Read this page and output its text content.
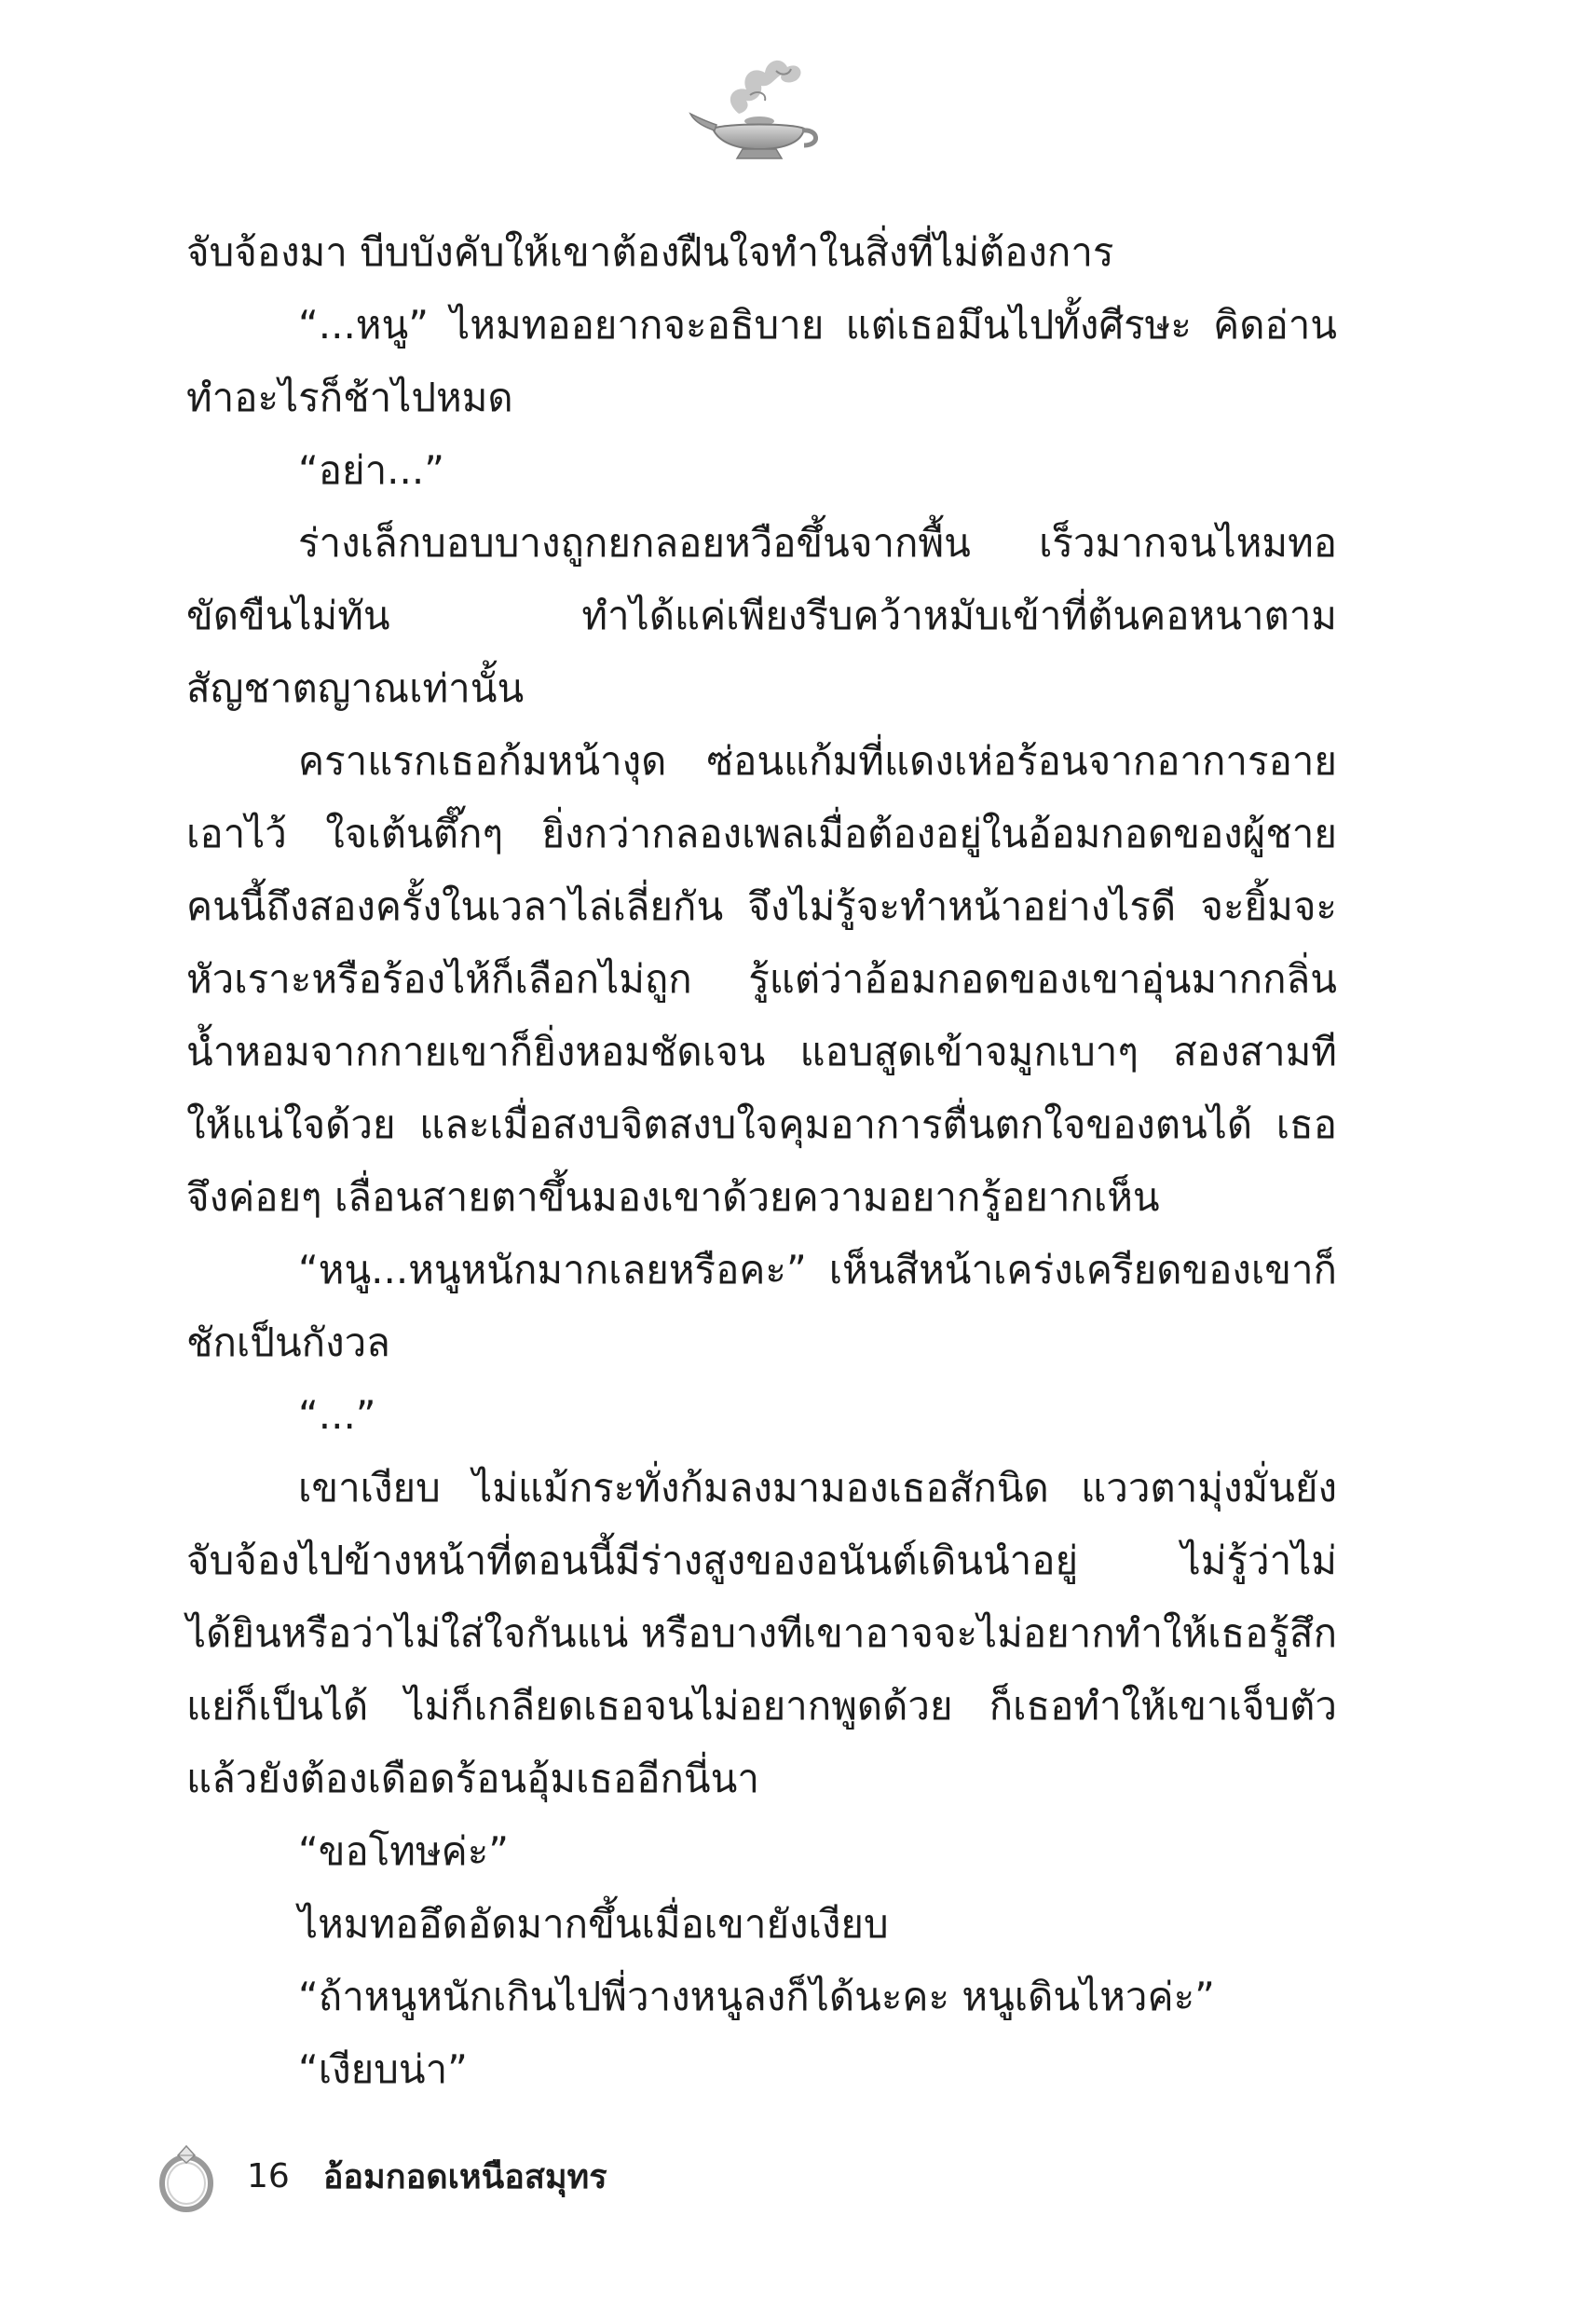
จับจ้องมา บีบบังคับให้เขาต้องฝืนใจทำในสิ่งที่ไม่ต้องการ

“...หนู” ไหมทออยากจะอธิบาย แต่เธอมึนไปทั้งศีรษะ คิดอ่านทำอะไรก็ช้าไปหมด

“อย่า...”

ร่างเล็กบอบบางถูกยกลอยหวือขึ้นจากพื้น เร็วมากจนไหมทอขัดขืนไม่ทัน ทำได้แค่เพียงรีบคว้าหมับเข้าที่ต้นคอหนาตามสัญชาตญาณเท่านั้น

คราแรกเธอก้มหน้างุด ซ่อนแก้มที่แดงเห่อร้อนจากอาการอายเอาไว้ ใจเต้นตึ๊กๆ ยิ่งกว่ากลองเพลเมื่อต้องอยู่ในอ้อมกอดของผู้ชายคนนี้ถึงสองครั้งในเวลาไล่เลี่ยกัน จึงไม่รู้จะทำหน้าอย่างไรดี จะยิ้มจะหัวเราะหรือร้องไห้ก็เลือกไม่ถูก รู้แต่ว่าอ้อมกอดของเขาอุ่นมากกลิ่นน้ำหอมจากกายเขาก็ยิ่งหอมชัดเจน แอบสูดเข้าจมูกเบาๆ สองสามทีให้แน่ใจด้วย และเมื่อสงบจิตสงบใจคุมอาการตื่นตกใจของตนได้ เธอจึงค่อยๆ เลื่อนสายตาขึ้นมองเขาด้วยความอยากรู้อยากเห็น

“หนู...หนูหนักมากเลยหรือคะ” เห็นสีหน้าเคร่งเครียดของเขาก็ชักเป็นกังวล

“...”

เขาเงียบ ไม่แม้กระทั่งก้มลงมามองเธอสักนิด แววตามุ่งมั่นยังจับจ้องไปข้างหน้าที่ตอนนี้มีร่างสูงของอนันต์เดินนำอยู่ ไม่รู้ว่าไม่ได้ยินหรือว่าไม่ใส่ใจกันแน่ หรือบางทีเขาอาจจะไม่อยากทำให้เธอรู้สึกแย่ก็เป็นได้ ไม่ก็เกลียดเธอจนไม่อยากพูดด้วย ก็เธอทำให้เขาเจ็บตัวแล้วยังต้องเดือดร้อนอุ้มเธออีกนี่นา

“ขอโทษค่ะ”

ไหมทออึดอัดมากขึ้นเมื่อเขายังเงียบ

“ถ้าหนูหนักเกินไปพี่วางหนูลงก็ได้นะคะ หนูเดินไหวค่ะ”

“เงียบน่า”

16 อ้อมกอดเหนือสมุทร
